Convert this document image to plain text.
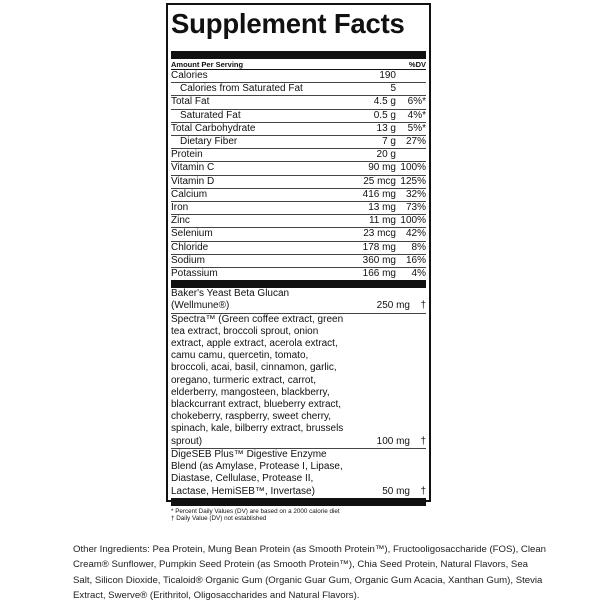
Supplement Facts
Amount Per Serving	%DV
Calories	190
Calories from Saturated Fat	5
Total Fat	4.5 g	6%*
Saturated Fat	0.5 g	4%*
Total Carbohydrate	13 g	5%*
Dietary Fiber	7 g 27%
Protein	20 g
Vitamin C	90 mg 100%
Vitamin D	25 mcg 125%
Calcium	416 mg 32%
Iron	13 mg 73%
Zinc	11 mg 100%
Selenium	23 mcg 42%
Chloride	178 mg	8%
Sodium	360 mg 16%
Potassium	166 mg	4%
Baker's Yeast Beta Glucan
(Wellmune®)	250 mg	†
Spectra™ (Green coffee extract, green
tea extract, broccoli sprout, onion
extract, apple extract, acerola extract,
camu camu, quercetin, tomato,
broccoli, acai, basil, cinnamon, garlic,
oregano, turmeric extract, carrot,
elderberry, mangosteen, blackberry,
blackcurrant extract, blueberry extract,
chokeberry, raspberry, sweet cherry,
spinach, kale, bilberry extract, brussels
sprout)	100 mg	†
DigeSEB Plus™ Digestive Enzyme
Blend (as Amylase, Protease I, Lipase,
Diastase, Cellulase, Protease II,
Lactase, HemiSEB™, Invertase)	50 mg	†
* Percent Daily Values (DV) are based on a 2000 calorie diet
† Daily Value (DV) not established
Other Ingredients: Pea Protein, Mung Bean Protein (as Smooth Protein™), Fructooligosaccharide (FOS), Clean
Cream® Sunflower, Pumpkin Seed Protein (as Smooth Protein™), Chia Seed Protein, Natural Flavors, Sea
Salt, Silicon Dioxide, Ticaloid® Organic Gum (Organic Guar Gum, Organic Gum Acacia, Xanthan Gum), Stevia
Extract, Swerve® (Erithritol, Oligosaccharides and Natural Flavors).
